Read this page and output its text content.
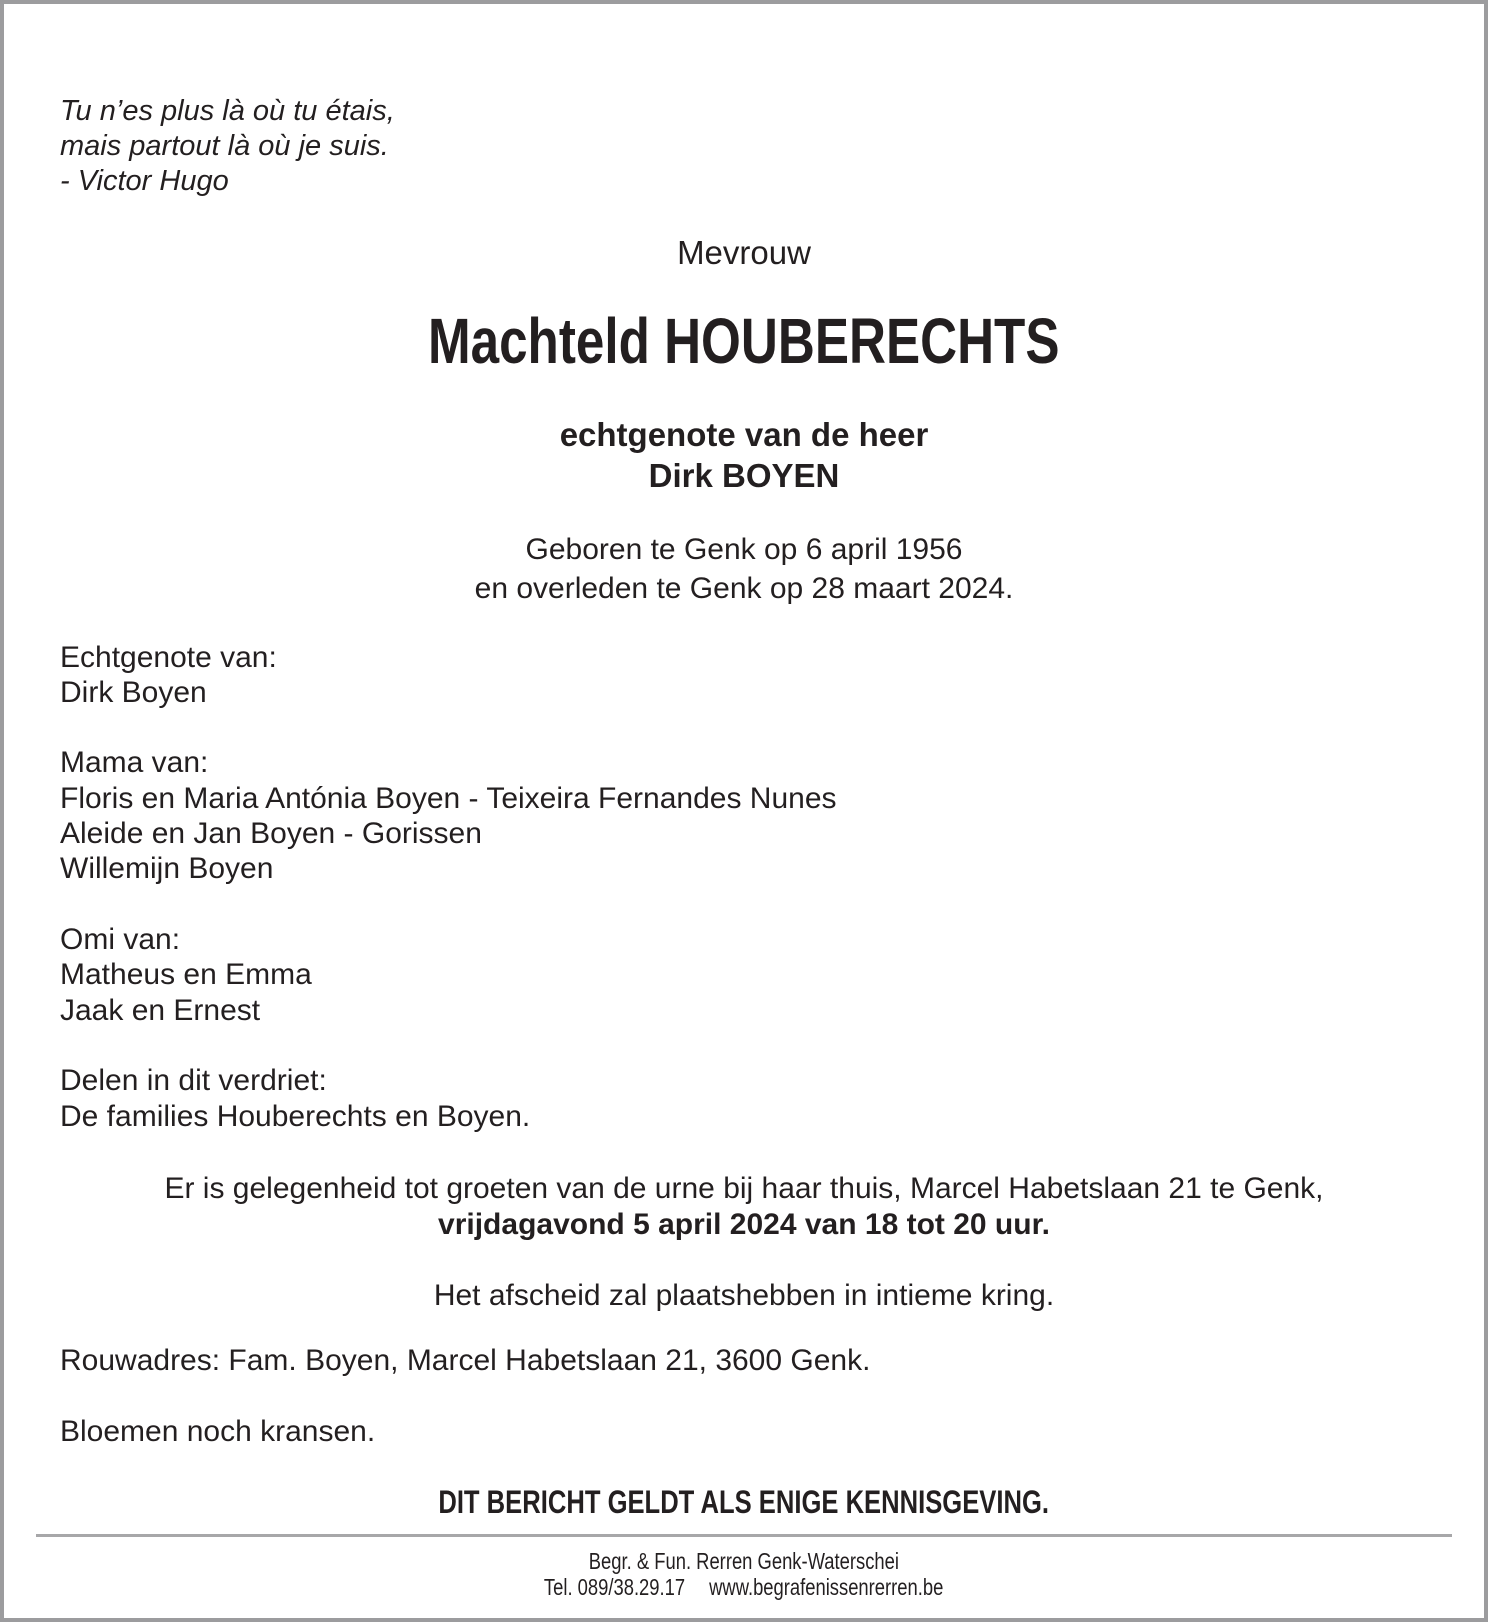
Tu n’es plus là où tu étais,
mais partout là où je suis.
- Victor Hugo
Mevrouw
Machteld HOUBERECHTS
echtgenote van de heer
Dirk BOYEN
Geboren te Genk op 6 april 1956
en overleden te Genk op 28 maart 2024.
Echtgenote van:
Dirk Boyen
Mama van:
Floris en Maria Antónia Boyen - Teixeira Fernandes Nunes
Aleide en Jan Boyen - Gorissen
Willemijn Boyen
Omi van:
Matheus en Emma
Jaak en Ernest
Delen in dit verdriet:
De families Houberechts en Boyen.
Er is gelegenheid tot groeten van de urne bij haar thuis, Marcel Habetslaan 21 te Genk,
vrijdagavond 5 april 2024 van 18 tot 20 uur.
Het afscheid zal plaatshebben in intieme kring.
Rouwadres: Fam. Boyen, Marcel Habetslaan 21, 3600 Genk.
Bloemen noch kransen.
DIT BERICHT GELDT ALS ENIGE KENNISGEVING.
Begr. & Fun. Rerren Genk-Waterschei
Tel. 089/38.29.17 www.begrafenissenrerren.be
